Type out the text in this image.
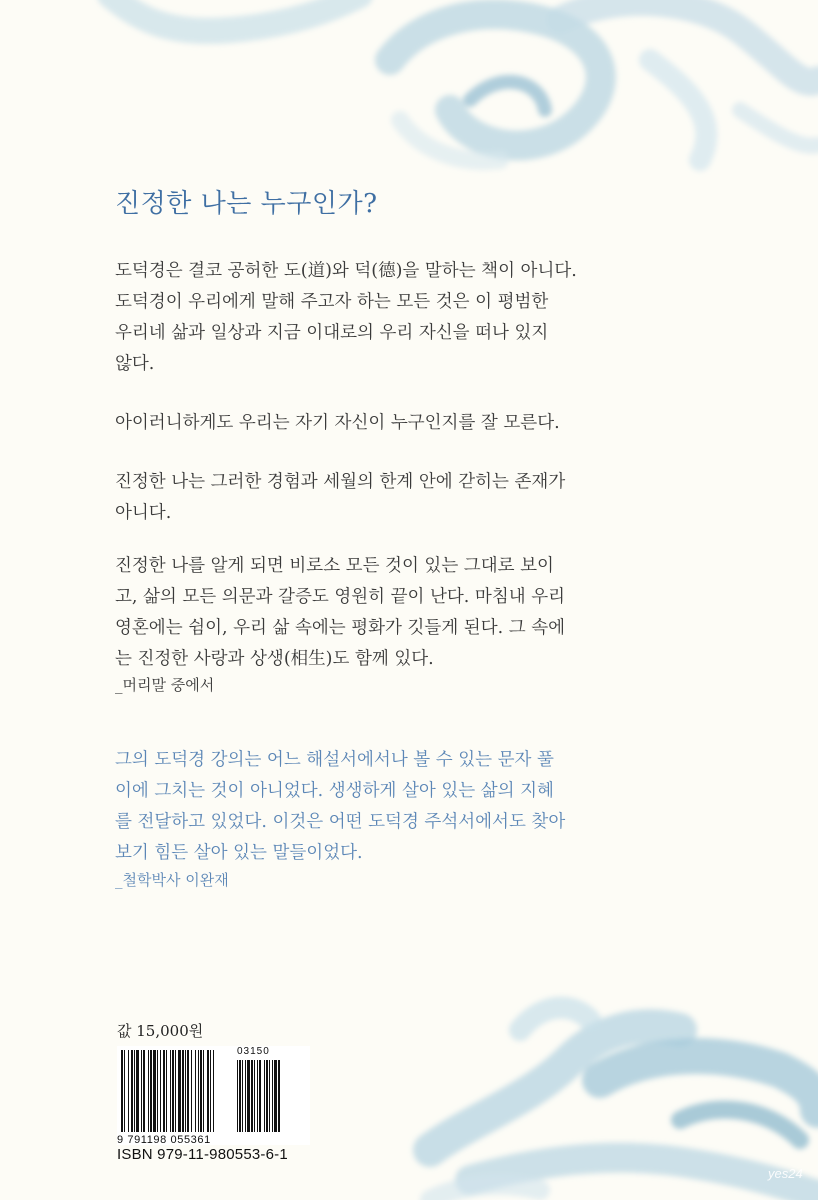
진정한 나는 누구인가?
도덕경은 결코 공허한 도(道)와 덕(德)을 말하는 책이 아니다.
도덕경이 우리에게 말해 주고자 하는 모든 것은 이 평범한
우리네 삶과 일상과 지금 이대로의 우리 자신을 떠나 있지
않다.
아이러니하게도 우리는 자기 자신이 누구인지를 잘 모른다.
진정한 나는 그러한 경험과 세월의 한계 안에 갇히는 존재가
아니다.
진정한 나를 알게 되면 비로소 모든 것이 있는 그대로 보이
고, 삶의 모든 의문과 갈증도 영원히 끝이 난다. 마침내 우리
영혼에는 쉼이, 우리 삶 속에는 평화가 깃들게 된다. 그 속에
는 진정한 사랑과 상생(相生)도 함께 있다.
_머리말 중에서
그의 도덕경 강의는 어느 해설서에서나 볼 수 있는 문자 풀
이에 그치는 것이 아니었다. 생생하게 살아 있는 삶의 지혜
를 전달하고 있었다. 이것은 어떤 도덕경 주석서에서도 찾아
보기 힘든 살아 있는 말들이었다.
_철학박사 이완재
값 15,000원
03150
9 791198 055361
ISBN 979-11-980553-6-1
yes24
